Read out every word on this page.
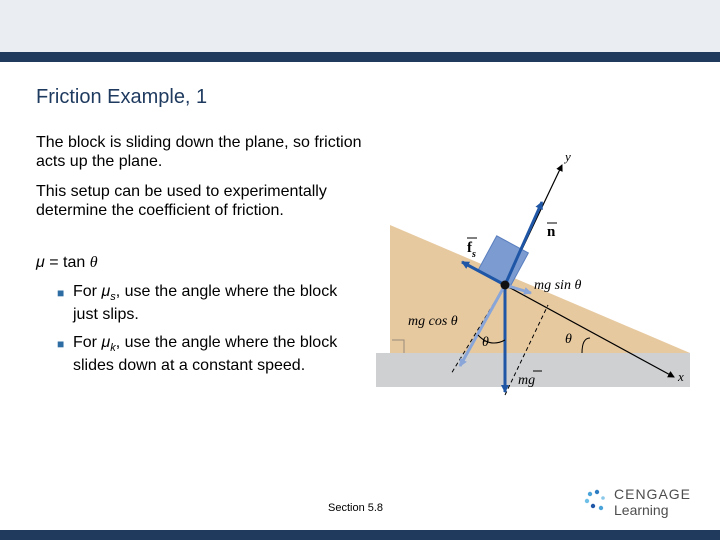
Friction Example, 1

The block is sliding down the plane, so friction acts up the plane.

This setup can be used to experimentally determine the coefficient of friction.

μ = tan θ

■ For $\mu_s$, use the angle where the block just slips.
■ For $\mu_k$, use the angle where the block slides down at a constant speed.
x
y
$f_s$
n
mg sin θ
mg cos θ
mg
θ	θ
Section 5.8
CENGAGE
Learning
